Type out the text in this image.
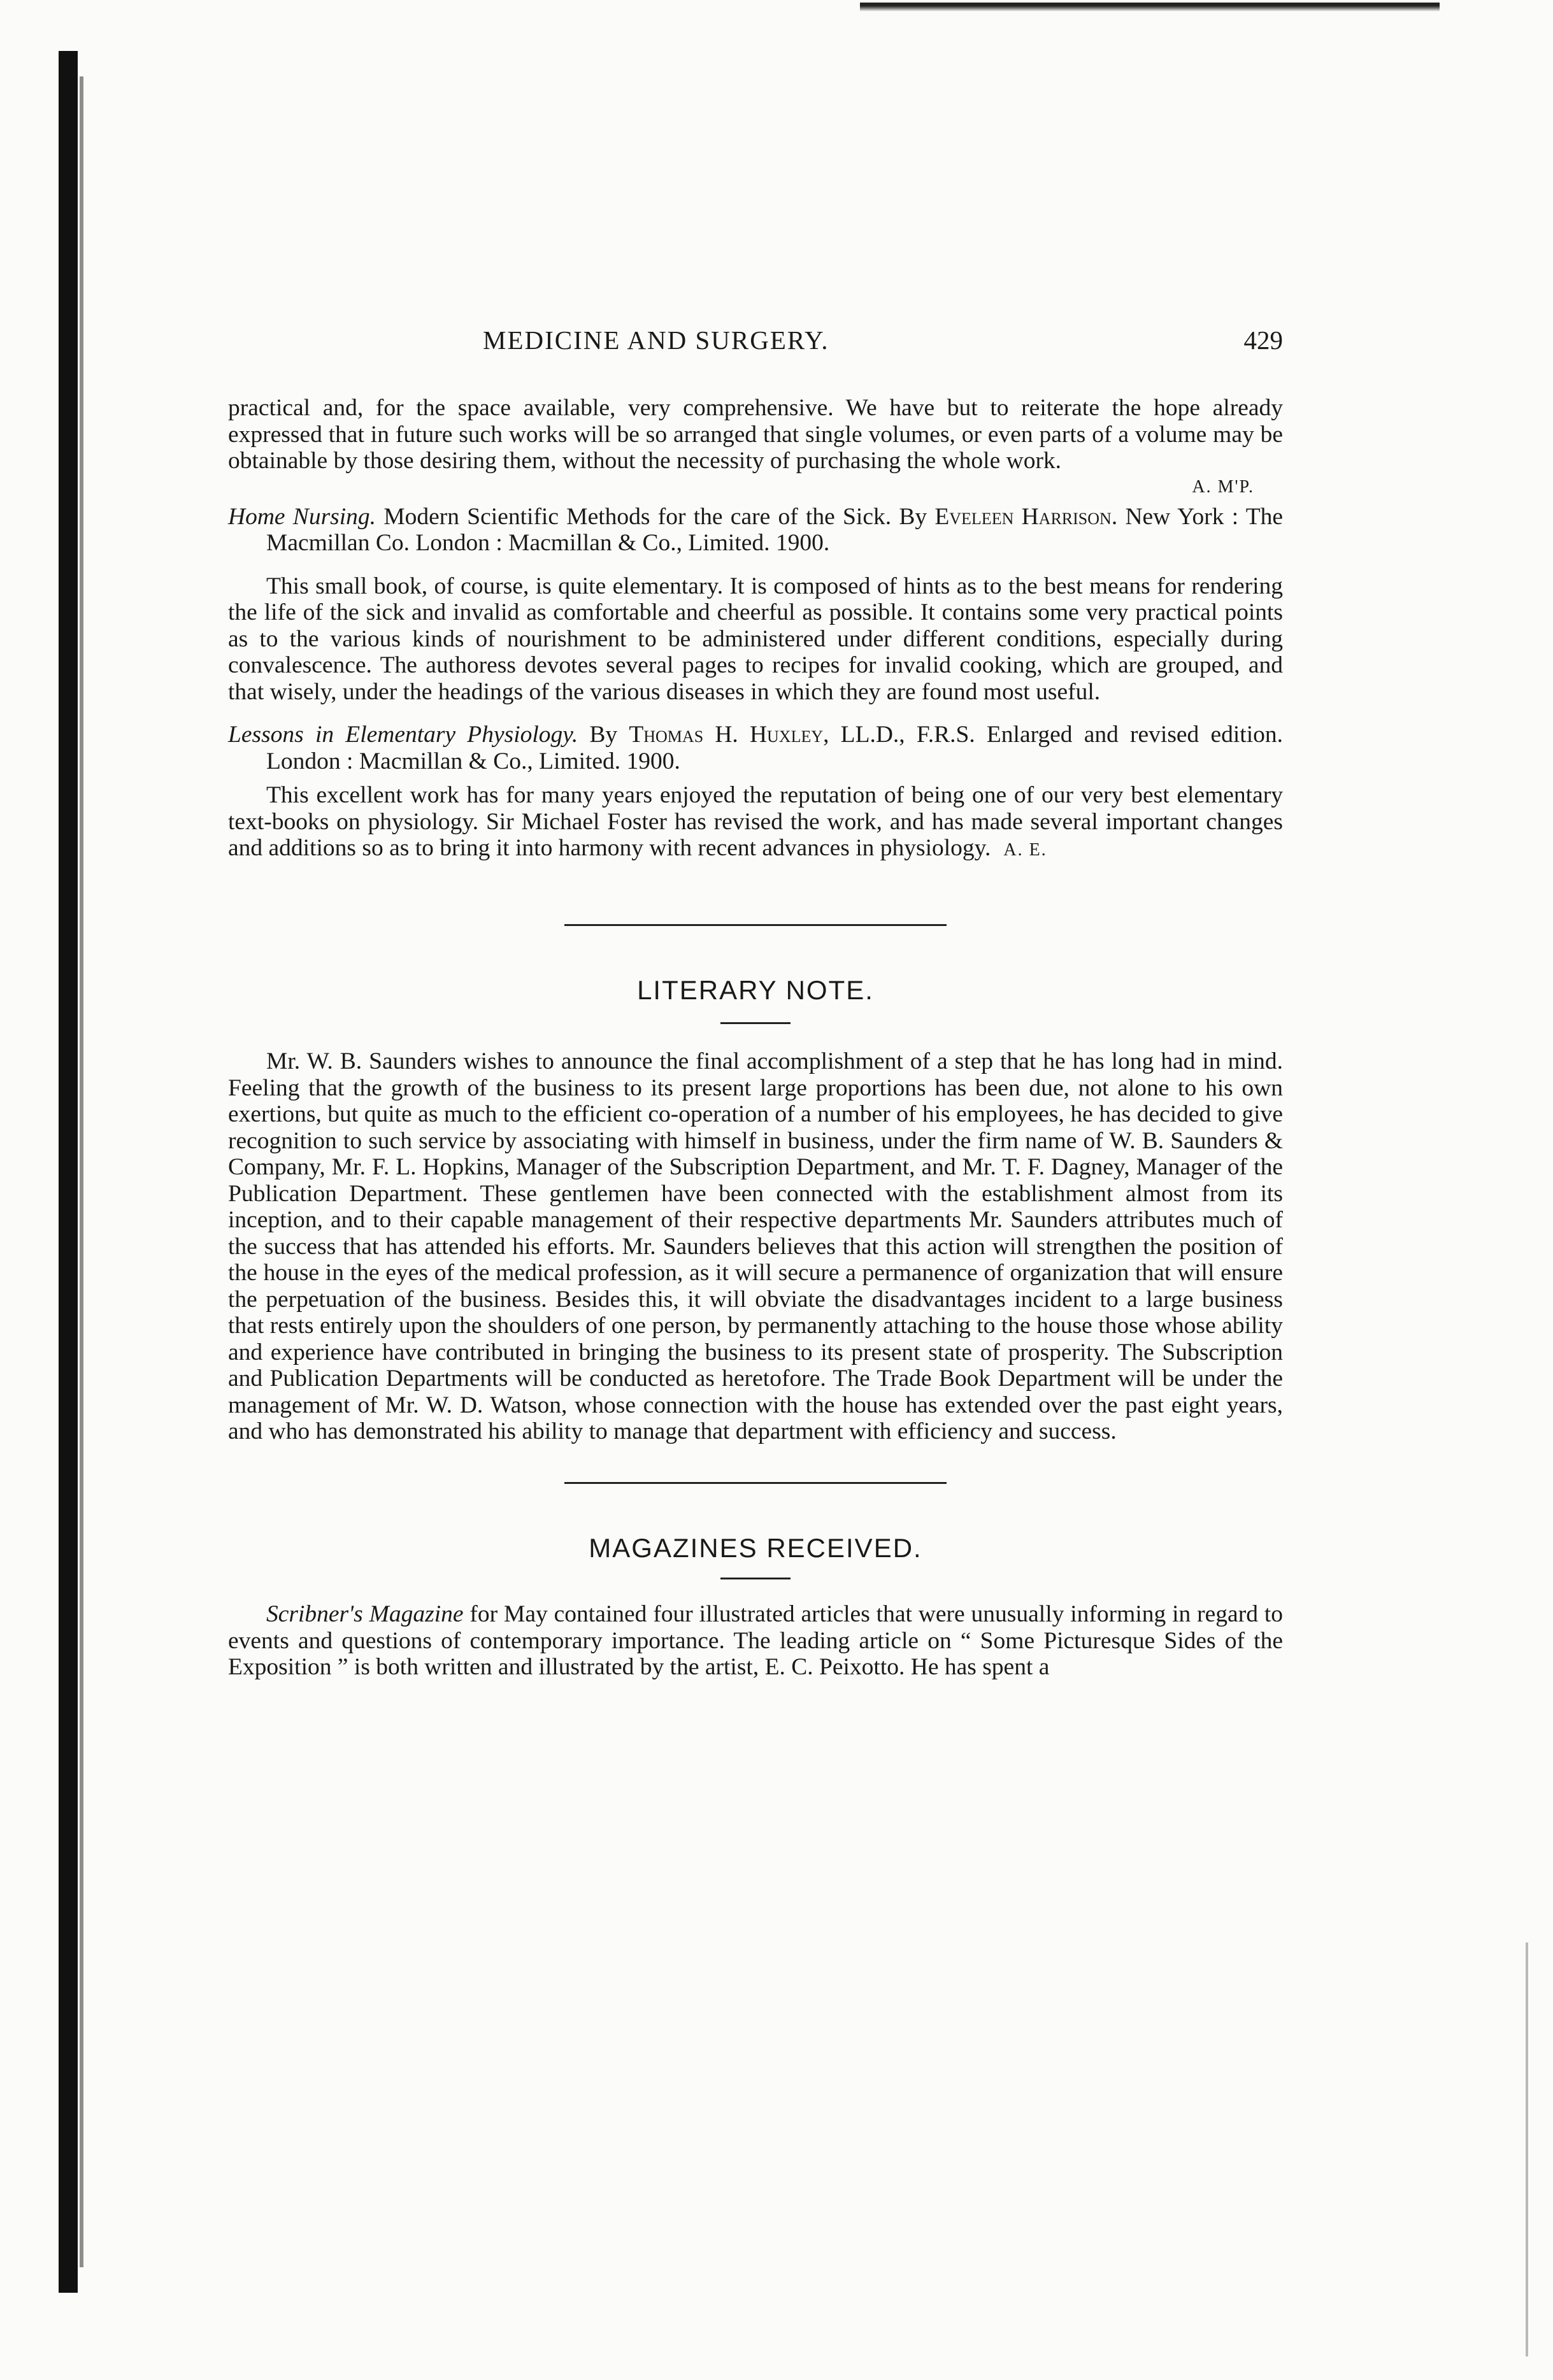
MEDICINE AND SURGERY.	429

practical and, for the space available, very comprehensive. We have but to reiterate the hope already expressed that in future such works will be so arranged that single volumes, or even parts of a volume may be obtainable by those desiring them, without the necessity of purchasing the whole work.

A. M'P.

Home Nursing. Modern Scientific Methods for the care of the Sick. By Eveleen Harrison. New York : The Macmillan Co. London : Macmillan & Co., Limited. 1900.

This small book, of course, is quite elementary. It is composed of hints as to the best means for rendering the life of the sick and invalid as comfortable and cheerful as possible. It contains some very practical points as to the various kinds of nourishment to be administered under different conditions, especially during convalescence. The authoress devotes several pages to recipes for invalid cooking, which are grouped, and that wisely, under the headings of the various diseases in which they are found most useful.

Lessons in Elementary Physiology. By Thomas H. Huxley, LL.D., F.R.S. Enlarged and revised edition. London : Macmillan & Co., Limited. 1900.

This excellent work has for many years enjoyed the reputation of being one of our very best elementary text-books on physiology. Sir Michael Foster has revised the work, and has made several important changes and additions so as to bring it into harmony with recent advances in physiology. A. E.

LITERARY NOTE.

Mr. W. B. Saunders wishes to announce the final accomplishment of a step that he has long had in mind. Feeling that the growth of the business to its present large proportions has been due, not alone to his own exertions, but quite as much to the efficient co-operation of a number of his employees, he has decided to give recognition to such service by associating with himself in business, under the firm name of W. B. Saunders & Company, Mr. F. L. Hopkins, Manager of the Subscription Department, and Mr. T. F. Dagney, Manager of the Publication Department. These gentlemen have been connected with the establishment almost from its inception, and to their capable management of their respective departments Mr. Saunders attributes much of the success that has attended his efforts. Mr. Saunders believes that this action will strengthen the position of the house in the eyes of the medical profession, as it will secure a permanence of organization that will ensure the perpetuation of the business. Besides this, it will obviate the disadvantages incident to a large business that rests entirely upon the shoulders of one person, by permanently attaching to the house those whose ability and experience have contributed in bringing the business to its present state of prosperity. The Subscription and Publication Departments will be conducted as heretofore. The Trade Book Department will be under the management of Mr. W. D. Watson, whose connection with the house has extended over the past eight years, and who has demonstrated his ability to manage that department with efficiency and success.

MAGAZINES RECEIVED.

Scribner's Magazine for May contained four illustrated articles that were unusually informing in regard to events and questions of contemporary importance. The leading article on “ Some Picturesque Sides of the Exposition ” is both written and illustrated by the artist, E. C. Peixotto. He has spent a
